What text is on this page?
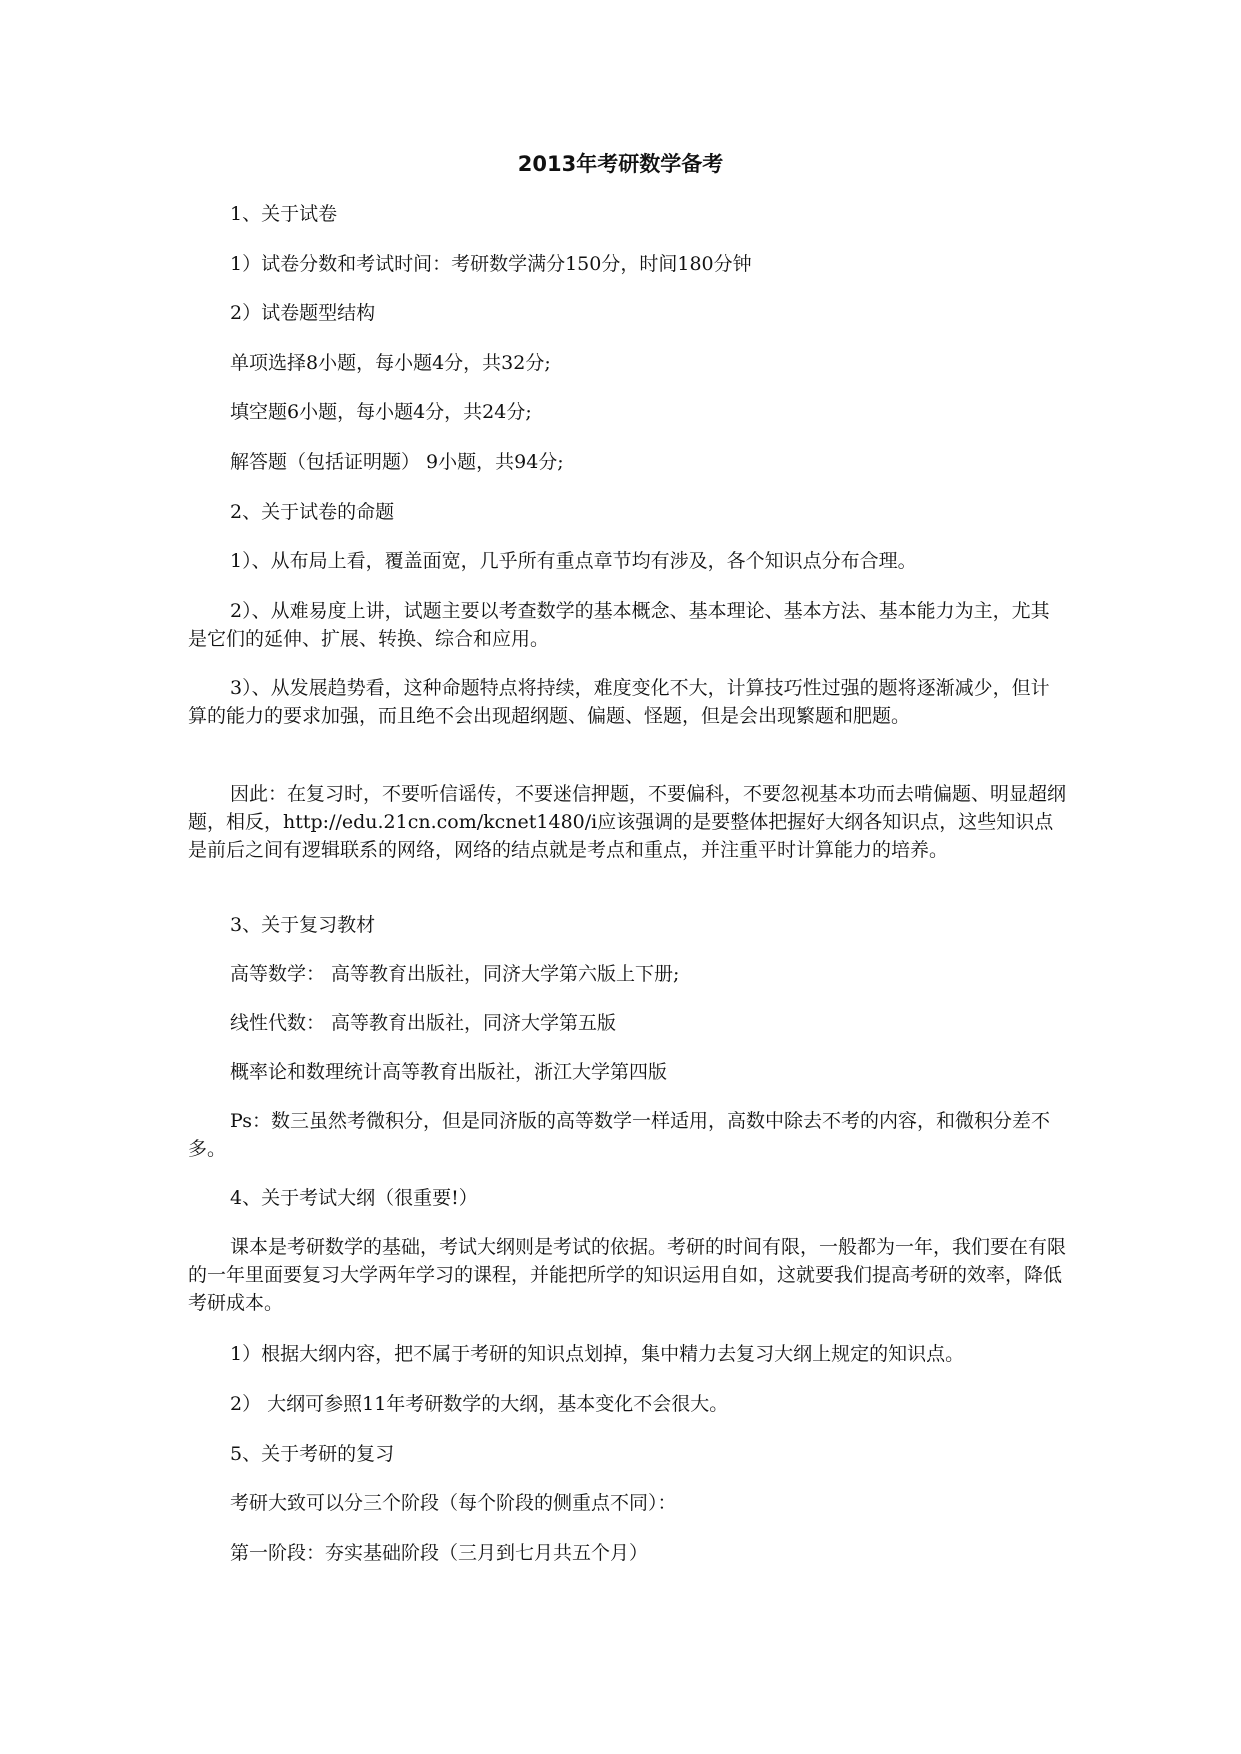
2013年考研数学备考

1、关于试卷

1）试卷分数和考试时间：考研数学满分150分，时间180分钟

2）试卷题型结构

单项选择8小题，每小题4分，共32分;

填空题6小题，每小题4分，共24分;

解答题（包括证明题） 9小题，共94分;

2、关于试卷的命题

1）、从布局上看，覆盖面宽，几乎所有重点章节均有涉及，各个知识点分布合理。

2）、从难易度上讲，试题主要以考查数学的基本概念、基本理论、基本方法、基本能力为主，尤其是它们的延伸、扩展、转换、综合和应用。

3）、从发展趋势看，这种命题特点将持续，难度变化不大，计算技巧性过强的题将逐渐减少，但计算的能力的要求加强，而且绝不会出现超纲题、偏题、怪题，但是会出现繁题和肥题。

因此：在复习时，不要听信谣传，不要迷信押题，不要偏科，不要忽视基本功而去啃偏题、明显超纲题，相反，http://edu.21cn.com/kcnet1480/i应该强调的是要整体把握好大纲各知识点，这些知识点是前后之间有逻辑联系的网络，网络的结点就是考点和重点，并注重平时计算能力的培养。

3、关于复习教材

高等数学： 高等教育出版社，同济大学第六版上下册;

线性代数： 高等教育出版社，同济大学第五版

概率论和数理统计高等教育出版社，浙江大学第四版

Ps：数三虽然考微积分，但是同济版的高等数学一样适用，高数中除去不考的内容，和微积分差不多。

4、关于考试大纲（很重要!）

课本是考研数学的基础，考试大纲则是考试的依据。考研的时间有限，一般都为一年，我们要在有限的一年里面要复习大学两年学习的课程，并能把所学的知识运用自如，这就要我们提高考研的效率，降低考研成本。

1）根据大纲内容，把不属于考研的知识点划掉，集中精力去复习大纲上规定的知识点。

2） 大纲可参照11年考研数学的大纲，基本变化不会很大。

5、关于考研的复习

考研大致可以分三个阶段（每个阶段的侧重点不同）：

第一阶段：夯实基础阶段（三月到七月共五个月）
